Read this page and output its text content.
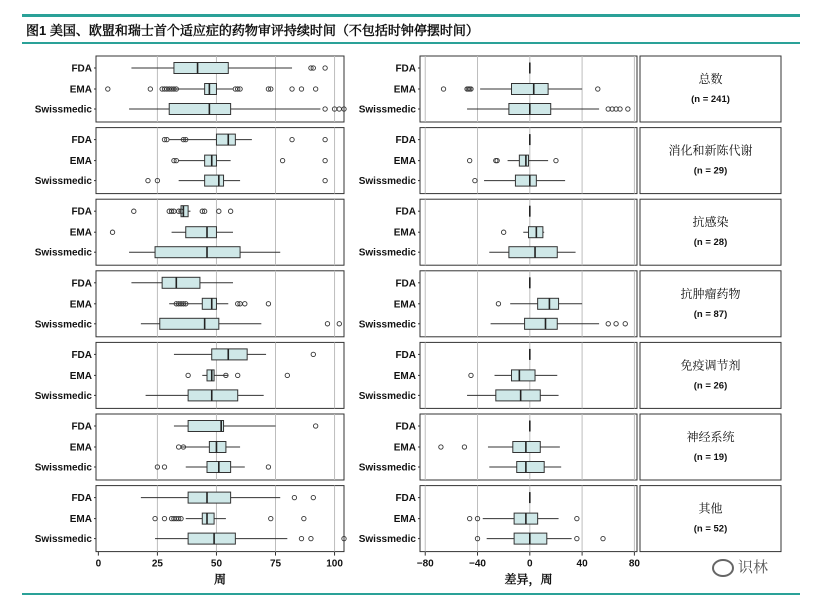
图1 美国、欧盟和瑞士首个适应症的药物审评持续时间（不包括时钟停摆时间）
总数
(n = 241)
FDA	FDA
EMA	EMA
Swissmedic	Swissmedic
消化和新陈代谢
(n = 29)
FDA	FDA
EMA	EMA
Swissmedic	Swissmedic
抗感染
(n = 28)
FDA	FDA
EMA	EMA
Swissmedic	Swissmedic
抗肿瘤药物
(n = 87)
FDA	FDA
EMA	EMA
Swissmedic	Swissmedic
免疫调节剂
(n = 26)
FDA	FDA
EMA	EMA
Swissmedic	Swissmedic
神经系统
(n = 19)
FDA	FDA
EMA	EMA
Swissmedic	Swissmedic
其他
(n = 52)
FDA	FDA
EMA	EMA
Swissmedic	Swissmedic
0	25	50	75	100	−80	−40	0	40	80
周	差异，周
识林
